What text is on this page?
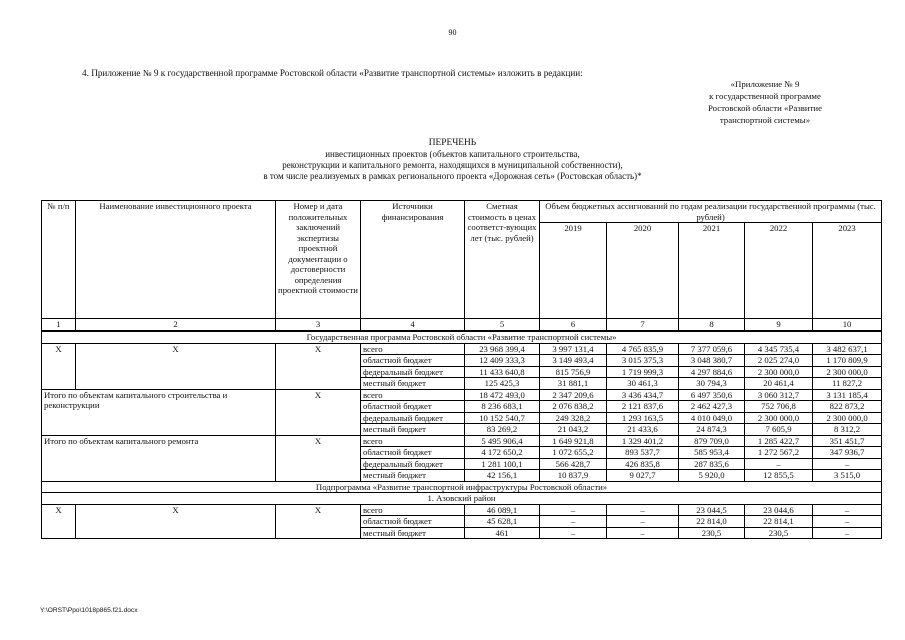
90
4. Приложение № 9 к государственной программе Ростовской области «Развитие транспортной системы» изложить в редакции:
«Приложение № 9
к государственной программе
Ростовской области «Развитие
транспортной системы»
ПЕРЕЧЕНЬ
инвестиционных проектов (объектов капитального строительства,
реконструкции и капитального ремонта, находящихся в муниципальной собственности),
в том числе реализуемых в рамках регионального проекта «Дорожная сеть» (Ростовская область)*
№ п/п	Наименование инвестиционного проекта	Номер и дата положительных заключений экспертизы проектной документации о достоверности определения проектной стоимости	Источники финансирования	Сметная стоимость в ценах соответст-вующих лет (тыс. рублей)	Объем бюджетных ассигнований по годам реализации государственной программы (тыс. рублей)				
					2019	2020	2021	2022	2023
1	2	3	4	5	6	7	8	9	10
Государственная программа Ростовской области «Развитие транспортной системы»									
X	X	X	всего	23 968 399,4	3 997 131,4	4 765 835,9	7 377 059,6	4 345 735,4	3 482 637,1
			областной бюджет	12 409 333,3	3 149 493,4	3 015 375,3	3 048 380,7	2 025 274,0	1 170 809,9
			федеральный бюджет	11 433 640,8	815 756,9	1 719 999,3	4 297 884,6	2 300 000,0	2 300 000,0
			местный бюджет	125 425,3	31 881,1	30 461,3	30 794,3	20 461,4	11 827,2
Итого по объектам капитального строительства и реконструкции		X	всего	18 472 493,0	2 347 209,6	3 436 434,7	6 497 350,6	3 060 312,7	3 131 185,4
			областной бюджет	8 236 683,1	2 076 838,2	2 121 837,6	2 462 427,3	752 706,8	822 873,2
			федеральный бюджет	10 152 540,7	249 328,2	1 293 163,5	4 010 049,0	2 300 000,0	2 300 000,0
			местный бюджет	83 269,2	21 043,2	21 433,6	24 874,3	7 605,9	8 312,2
Итого по объектам капитального ремонта		X	всего	5 495 906,4	1 649 921,8	1 329 401,2	879 709,0	1 285 422,7	351 451,7
			областной бюджет	4 172 650,2	1 072 655,2	893 537,7	585 953,4	1 272 567,2	347 936,7
			федеральный бюджет	1 281 100,1	566 428,7	426 835,8	287 835,6	–	–
			местный бюджет	42 156,1	10 837,9	9 027,7	5 920,0	12 855,5	3 515,0
Подпрограмма «Развитие транспортной инфраструктуры Ростовской области»									
1. Азовский район									
X	X	X	всего	46 089,1	–	–	23 044,5	23 044,6	–
			областной бюджет	45 628,1	–	–	22 814,0	22 814,1	–
			местный бюджет	461	–	–	230,5	230,5	–
Y:\ORST\Ppo\1018p865.f21.docx
